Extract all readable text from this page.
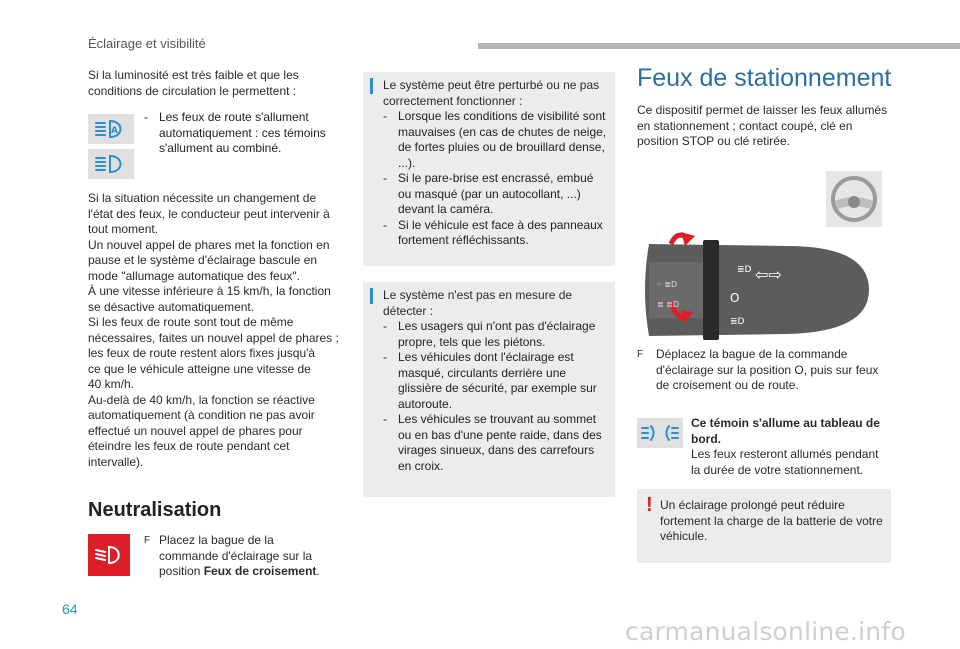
Éclairage et visibilité

Si la luminosité est très faible et que les conditions de circulation le permettent :

A
- Les feux de route s'allument automatiquement : ces témoins s'allument au combiné.
Si la situation nécessite un changement de
l'état des feux, le conducteur peut intervenir à
tout moment.
Un nouvel appel de phares met la fonction en
pause et le système d'éclairage bascule en
mode "allumage automatique des feux".
À une vitesse inférieure à 15 km/h, la fonction
se désactive automatiquement.
Si les feux de route sont tout de même
nécessaires, faites un nouvel appel de phares ;
les feux de route restent alors fixes jusqu'à
ce que le véhicule atteigne une vitesse de
40 km/h.
Au-delà de 40 km/h, la fonction se réactive
automatiquement (à condition ne pas avoir
effectué un nouvel appel de phares pour
éteindre les feux de route pendant cet
intervalle).
Neutralisation
F Placez la bague de la
commande d'éclairage sur la
position Feux de croisement.
Le système peut être perturbé ou ne pas correctement fonctionner :
- Lorsque les conditions de visibilité sont mauvaises (en cas de chutes de neige, de fortes pluies ou de brouillard dense, ...).
- Si le pare-brise est encrassé, embué ou masqué (par un autocollant, ...) devant la caméra.
- Si le véhicule est face à des panneaux fortement réfléchissants.
Le système n'est pas en mesure de détecter :
- Les usagers qui n'ont pas d'éclairage propre, tels que les piétons.
- Les véhicules dont l'éclairage est masqué, circulants derrière une glissière de sécurité, par exemple sur autoroute.
- Les véhicules se trouvant au sommet ou en bas d'une pente raide, dans des virages sinueux, dans des carrefours en croix.
Feux de stationnement

Ce dispositif permet de laisser les feux allumés en stationnement ; contact coupé, clé en position STOP ou clé retirée.

≣D
O
≣D
⇦⇨
◦ ≣D
≣ ≣D
F Déplacez la bague de la commande d'éclairage sur la position O, puis sur feux de croisement ou de route.
Ce témoin s'allume au tableau de bord.
Les feux resteront allumés pendant la durée de votre stationnement.
! Un éclairage prolongé peut réduire fortement la charge de la batterie de votre véhicule.
64
carmanualsonline.info
